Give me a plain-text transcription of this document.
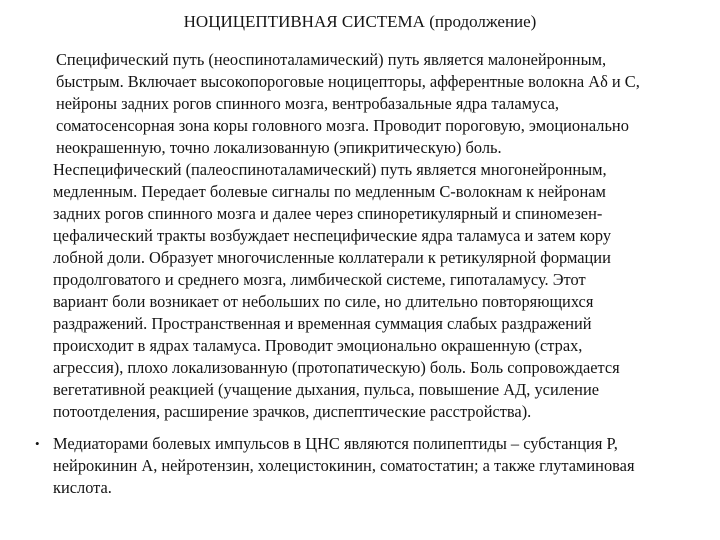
НОЦИЦЕПТИВНАЯ СИСТЕМА (продолжение)
Специфический путь (неоспиноталамический) путь является малонейронным,
быстрым. Включает высокопороговые ноцицепторы, афферентные волокна Aδ и C,
нейроны задних рогов спинного мозга, вентробазальные ядра таламуса,
соматосенсорная зона коры головного мозга. Проводит пороговую, эмоционально
неокрашенную, точно локализованную (эпикритическую) боль.
Неспецифический (палеоспиноталамический) путь является многонейронным,
медленным. Передает болевые сигналы по медленным C-волокнам к нейронам
задних рогов спинного мозга и далее через спиноретикулярный и спиномезен-
цефалический тракты возбуждает неспецифические ядра таламуса и затем кору
лобной доли. Образует многочисленные коллатерали к ретикулярной формации
продолговатого и среднего мозга, лимбической системе, гипоталамусу. Этот
вариант боли возникает от небольших по силе, но длительно повторяющихся
раздражений. Пространственная и временная суммация слабых раздражений
происходит в ядрах таламуса. Проводит эмоционально окрашенную (страх,
агрессия), плохо локализованную (протопатическую) боль. Боль сопровождается
вегетативной реакцией (учащение дыхания, пульса, повышение АД, усиление
потоотделения, расширение зрачков, диспептические расстройства).
• Медиаторами болевых импульсов в ЦНС являются полипептиды – субстанция P,
нейрокинин А, нейротензин, холецистокинин, соматостатин; а также глутаминовая
кислота.
